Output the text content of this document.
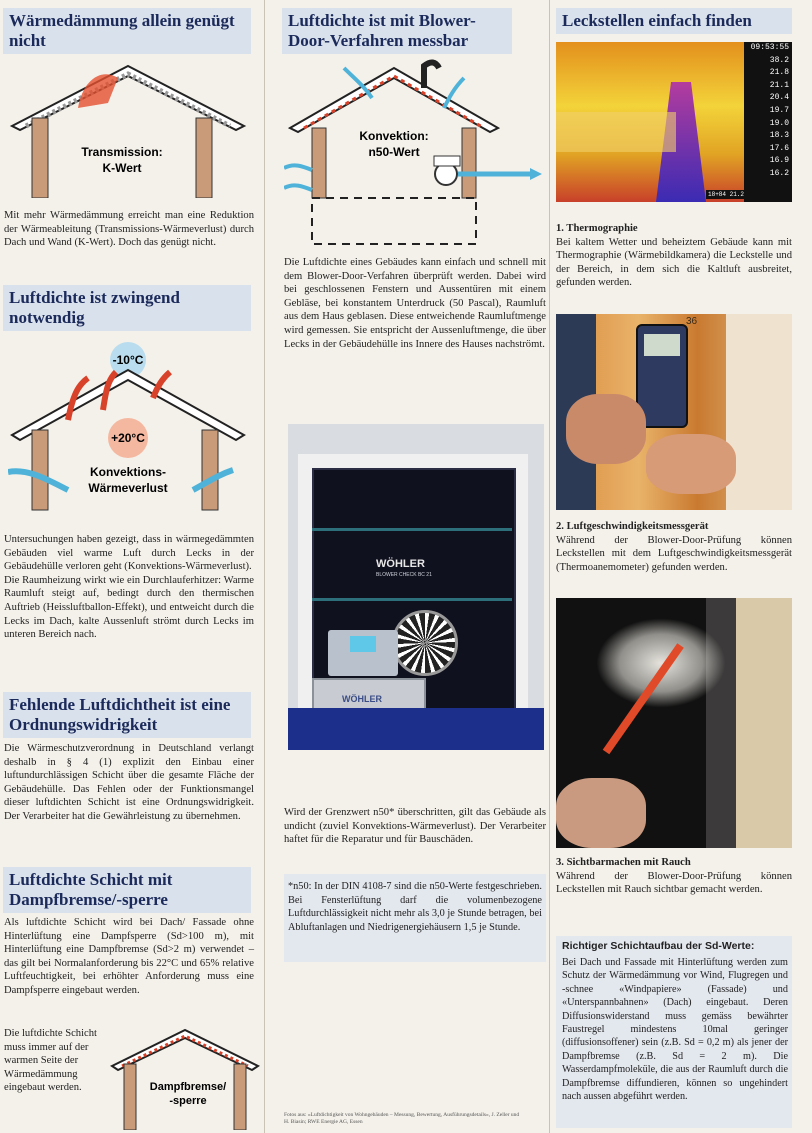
Wärmedämmung allein genügt nicht
Transmission:
K-Wert
Mit mehr Wärmedämmung erreicht man eine Reduktion der Wärmeableitung (Transmissions-Wärmeverlust) durch Dach und Wand (K-Wert). Doch das genügt nicht.
Luftdichte ist zwingend notwendig
-10°C
+20°C
Konvektions-
Wärmeverlust

Untersuchungen haben gezeigt, dass in wärmegedämmten Gebäuden viel warme Luft durch Lecks in der Gebäudehülle verloren geht (Konvektions-Wärmeverlust).

Die Raumheizung wirkt wie ein Durchlauferhitzer: Warme Raumluft steigt auf, bedingt durch den thermischen Auftrieb (Heissluftballon-Effekt), und entweicht durch die Lecks im Dach, kalte Aussenluft strömt durch Lecks im unteren Bereich nach.

Fehlende Luftdichtheit ist eine Ordnungswidrigkeit
Die Wärmeschutzverordnung in Deutschland verlangt deshalb in § 4 (1) explizit den Einbau einer luftundurchlässigen Schicht über die gesamte Fläche der Gebäudehülle. Das Fehlen oder der Funktionsmangel dieser luftdichten Schicht ist eine Ordnungswidrigkeit. Der Verarbeiter hat die Gewährleistung zu übernehmen.
Luftdichte Schicht mit Dampfbremse/-sperre
Als luftdichte Schicht wird bei Dach/ Fassade ohne Hinterlüftung eine Dampfsperre (Sd>100 m), mit Hinterlüftung eine Dampfbremse (Sd>2 m) verwendet – das gilt bei Normalanforderung bis 22°C und 65% relative Luftfeuchtigkeit, bei erhöhter Anforderung muss eine Dampfsperre eingebaut werden.
Die luftdichte Schicht muss immer auf der warmen Seite der Wärmedämmung eingebaut werden.	Dampfbremse/
-sperre
Luftdichte ist mit Blower-Door-Verfahren messbar
Konvektion:
n50-Wert
Die Luftdichte eines Gebäudes kann einfach und schnell mit dem Blower-Door-Verfahren überprüft werden. Dabei wird bei geschlossenen Fenstern und Aussentüren mit einem Gebläse, bei konstantem Unterdruck (50 Pascal), Raumluft aus dem Haus geblasen. Diese entweichende Raumluftmenge wird gemessen. Sie entspricht der Aussenluftmenge, die über Lecks in der Gebäudehülle ins Innere des Hauses nachströmt.
WÖHLER
BLOWER CHECK BC 21
WÖHLER
Wird der Grenzwert n50* überschritten, gilt das Gebäude als undicht (zuviel Konvektions-Wärmeverlust). Der Verarbeiter haftet für die Reparatur und für Bauschäden.
*n50: In der DIN 4108-7 sind die n50-Werte festgeschrieben. Bei Fensterlüftung darf die volumenbezogene Luftdurchlässigkeit nicht mehr als 3,0 je Stunde betragen, bei Abluftanlagen und Niedrigenergiehäusern 1,5 je Stunde.
Fotos aus: «Luftdichtigkeit von Wohngebäuden – Messung, Bewertung, Ausführungsdetails», J. Zeller und H. Biasin; RWE Energie AG, Essen
Leckstellen einfach finden
09:53:55
38.2
21.8
21.1
20.4
19.7
19.0
18.3
17.6
16.9
16.2
18+84 21.2

1. Thermographie

Bei kaltem Wetter und beheiztem Gebäude kann mit Thermographie (Wärmebildkamera) die Leckstelle und der Bereich, in dem sich die Kaltluft ausbreitet, gefunden werden.

36

2. Luftgeschwindigkeitsmessgerät

Während der Blower-Door-Prüfung können Leckstellen mit dem Luftgeschwindigkeitsmessgerät (Thermoanemometer) gefunden werden.

3. Sichtbarmachen mit Rauch

Während der Blower-Door-Prüfung können Leckstellen mit Rauch sichtbar gemacht werden.

Richtiger Schichtaufbau der Sd-Werte:
Bei Dach und Fassade mit Hinterlüftung werden zum Schutz der Wärmedämmung vor Wind, Flugregen und -schnee «Windpapiere» (Fassade) und «Unterspannbahnen» (Dach) eingebaut. Deren Diffusionswiderstand muss gemäss bewährter Faustregel mindestens 10mal geringer (diffusionsoffener) sein (z.B. Sd = 0,2 m) als jener der Dampfbremse (z.B. Sd = 2 m). Die Wasserdampfmoleküle, die aus der Raumluft durch die Dampfbremse diffundieren, können so ungehindert nach aussen abgeführt werden.
